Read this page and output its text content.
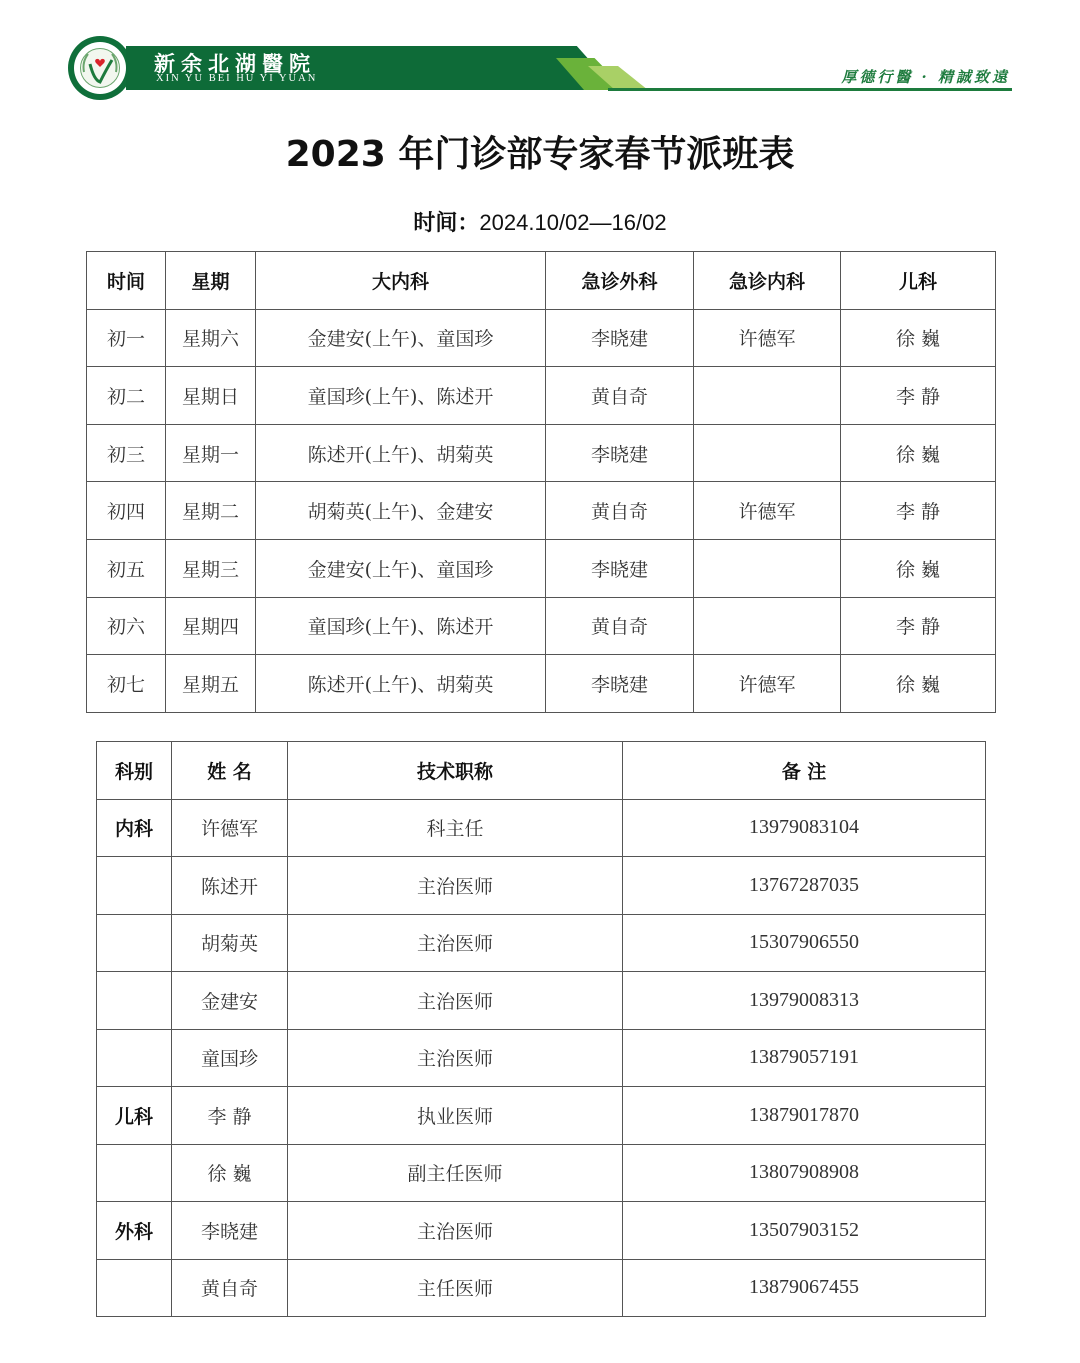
新余北湖醫院
XIN YU BEI HU YI YUAN	厚德行醫 · 精誠致遠
2023 年门诊部专家春节派班表
时间：2024.10/02—16/02
时间	星期	大内科	急诊外科	急诊内科	儿科
初一	星期六	金建安(上午)、童国珍	李晓建	许德军	徐 巍
初二	星期日	童国珍(上午)、陈述开	黄自奇		李 静
初三	星期一	陈述开(上午)、胡菊英	李晓建		徐 巍
初四	星期二	胡菊英(上午)、金建安	黄自奇	许德军	李 静
初五	星期三	金建安(上午)、童国珍	李晓建		徐 巍
初六	星期四	童国珍(上午)、陈述开	黄自奇		李 静
初七	星期五	陈述开(上午)、胡菊英	李晓建	许德军	徐 巍
科别	姓 名	技术职称	备 注
内科	许德军	科主任	13979083104
	陈述开	主治医师	13767287035
	胡菊英	主治医师	15307906550
	金建安	主治医师	13979008313
	童国珍	主治医师	13879057191
儿科	李 静	执业医师	13879017870
	徐 巍	副主任医师	13807908908
外科	李晓建	主治医师	13507903152
	黄自奇	主任医师	13879067455
